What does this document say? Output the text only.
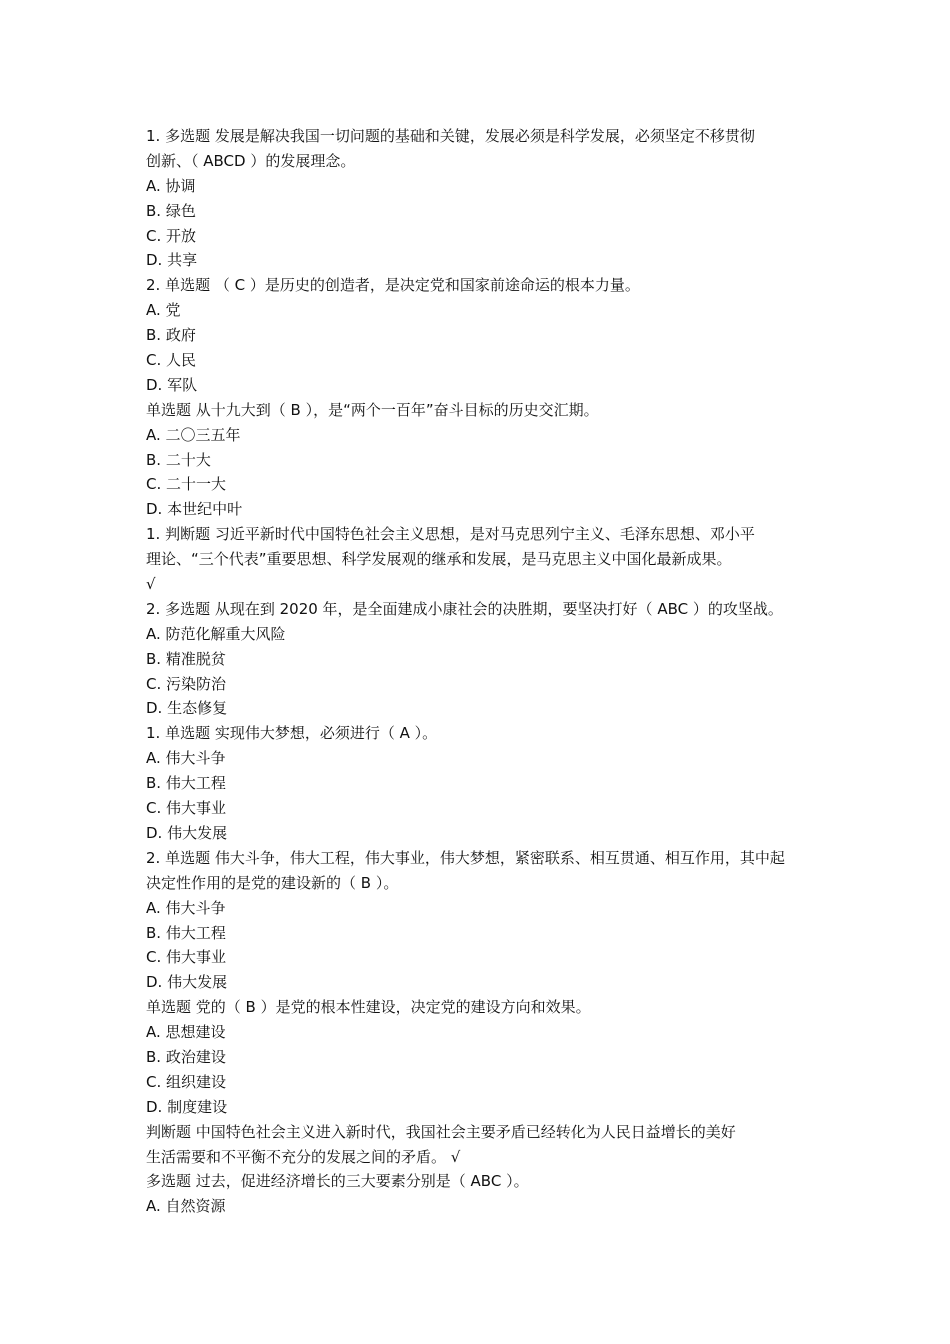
1. 多选题 发展是解决我国一切问题的基础和关键，发展必须是科学发展，必须坚定不移贯彻
创新、（ ABCD ）的发展理念。
A. 协调
B. 绿色
C. 开放
D. 共享
2. 单选题 （ C ）是历史的创造者，是决定党和国家前途命运的根本力量。
A. 党
B. 政府
C. 人民
D. 军队
单选题 从十九大到（ B ），是“两个一百年”奋斗目标的历史交汇期。
A. 二〇三五年
B. 二十大
C. 二十一大
D. 本世纪中叶
1. 判断题 习近平新时代中国特色社会主义思想，是对马克思列宁主义、毛泽东思想、邓小平
理论、“三个代表”重要思想、科学发展观的继承和发展，是马克思主义中国化最新成果。
√
2. 多选题 从现在到 2020 年，是全面建成小康社会的决胜期，要坚决打好（ ABC ）的攻坚战。
A. 防范化解重大风险
B. 精准脱贫
C. 污染防治
D. 生态修复
1. 单选题 实现伟大梦想，必须进行（ A ）。
A. 伟大斗争
B. 伟大工程
C. 伟大事业
D. 伟大发展
2. 单选题 伟大斗争，伟大工程，伟大事业，伟大梦想，紧密联系、相互贯通、相互作用，其中起
决定性作用的是党的建设新的（ B ）。
A. 伟大斗争
B. 伟大工程
C. 伟大事业
D. 伟大发展
单选题 党的（ B ）是党的根本性建设，决定党的建设方向和效果。
A. 思想建设
B. 政治建设
C. 组织建设
D. 制度建设
判断题 中国特色社会主义进入新时代，我国社会主要矛盾已经转化为人民日益增长的美好
生活需要和不平衡不充分的发展之间的矛盾。 √
多选题 过去，促进经济增长的三大要素分别是（ ABC ）。
A. 自然资源
